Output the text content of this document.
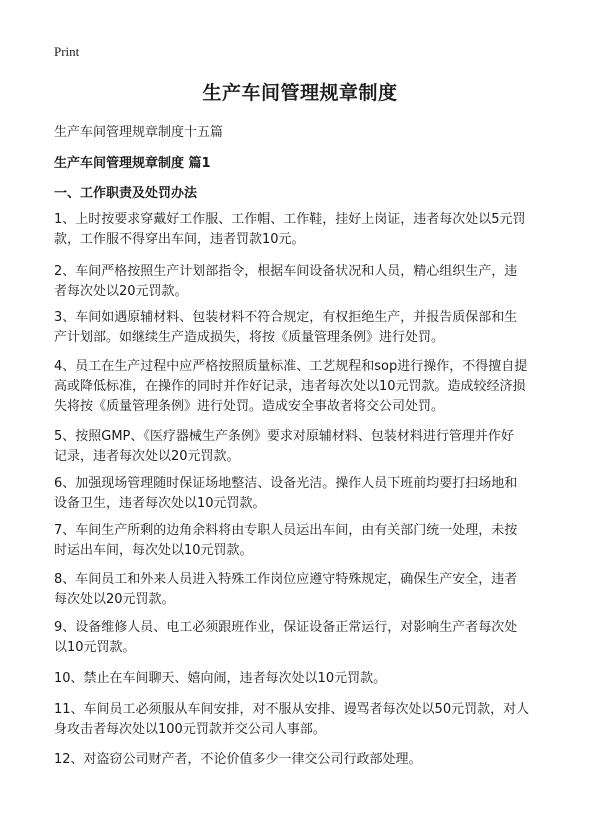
Print
生产车间管理规章制度

生产车间管理规章制度十五篇

生产车间管理规章制度 篇1
一、工作职责及处罚办法

1、上时按要求穿戴好工作服、工作帽、工作鞋，挂好上岗证，违者每次处以5元罚
款，工作服不得穿出车间，违者罚款10元。

2、车间严格按照生产计划部指令，根据车间设备状况和人员，精心组织生产，违
者每次处以20元罚款。

3、车间如遇原辅材料、包装材料不符合规定，有权拒绝生产，并报告质保部和生
产计划部。如继续生产造成损失，将按《质量管理条例》进行处罚。

4、员工在生产过程中应严格按照质量标准、工艺规程和sop进行操作，不得擅自提
高或降低标准，在操作的同时并作好记录，违者每次处以10元罚款。造成较经济损
失将按《质量管理条例》进行处罚。造成安全事故者将交公司处罚。

5、按照GMP、《医疗器械生产条例》要求对原辅材料、包装材料进行管理并作好
记录，违者每次处以20元罚款。

6、加强现场管理随时保证场地整洁、设备光洁。操作人员下班前均要打扫场地和
设备卫生，违者每次处以10元罚款。

7、车间生产所剩的边角余料将由专职人员运出车间，由有关部门统一处理，未按
时运出车间，每次处以10元罚款。

8、车间员工和外来人员进入特殊工作岗位应遵守特殊规定，确保生产安全，违者
每次处以20元罚款。

9、设备维修人员、电工必须跟班作业，保证设备正常运行，对影响生产者每次处
以10元罚款。

10、禁止在车间聊天、嬉向闹，违者每次处以10元罚款。

11、车间员工必须服从车间安排，对不服从安排、谩骂者每次处以50元罚款，对人
身攻击者每次处以100元罚款并交公司人事部。

12、对盗窃公司财产者，不论价值多少一律交公司行政部处理。
